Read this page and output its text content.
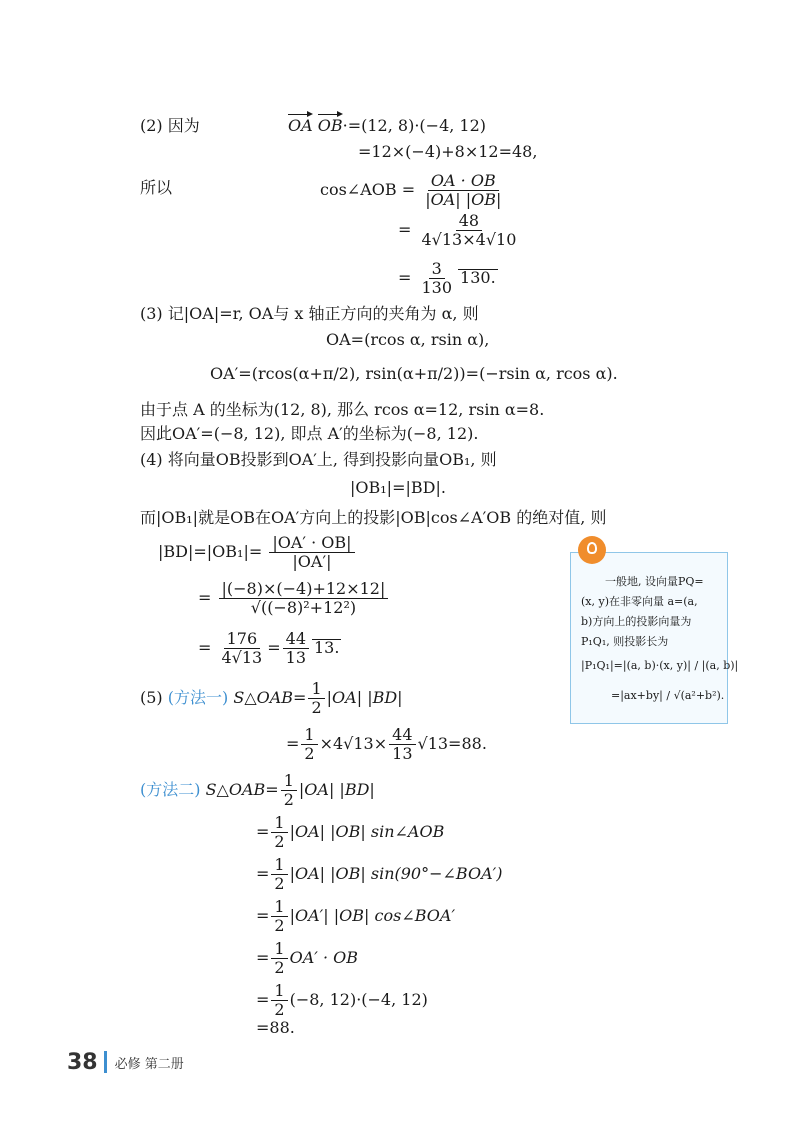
(2) 因为	OA OB·=(12, 8)·(−4, 12)
=12×(−4)+8×12=48,
所以	cos∠AOB = $\frac{OA \cdot OB}{|OA| |OB|}$
= $\frac{48}{4√13\times 4√10}$
= $\frac{3}{130} 130$.
(3) 记|OA|=r, OA与 x 轴正方向的夹角为 α, 则
OA=(rcos α, rsin α),
OA′=(rcos(α+π/2), rsin(α+π/2))=(−rsin α, rcos α).
由于点 A 的坐标为(12, 8), 那么 rcos α=12, rsin α=8.
因此OA′=(−8, 12), 即点 A′的坐标为(−8, 12).
(4) 将向量OB投影到OA′上, 得到投影向量OB₁, 则
|OB₁|=|BD|.
而|OB₁|就是OB在OA′方向上的投影|OB|cos∠A′OB 的绝对值, 则
$|BD|=|OB_1|= \frac{|OA' \cdot OB|}{|OA'|}$
= $\frac{|(-8)\times(-4)+12\times 12|}{\text{√((−8)²+12²)}}$
= $\frac{176}{4√13} = \frac{44}{13} 13$.
(5) (方法一) S△OAB= $\frac{1}{2} |OA|$ |BD|
= $\frac{1}{2} \times 4√13\times \frac{44}{13} √13=88$.
(方法二) S△OAB= $\frac{1}{2} |OA|$ |BD|
= $\frac{1}{2} |OA|$ |OB| sin∠AOB
= $\frac{1}{2} |OA|$ |OB| sin(90°−∠BOA′)
= $\frac{1}{2} |OA'|$ |OB| cos∠BOA′
= $\frac{1}{2} OA'$ · OB
= $\frac{1}{2} (-8$, 12)·(−4, 12)
=88.
一般地, 设向量PQ=
(x, y)在非零向量 a=(a,
b)方向上的投影向量为
P₁Q₁, 则投影长为
|P₁Q₁|=|(a, b)·(x, y)| / |(a, b)|
=|ax+by| / √(a²+b²).
38 必修 第二册
